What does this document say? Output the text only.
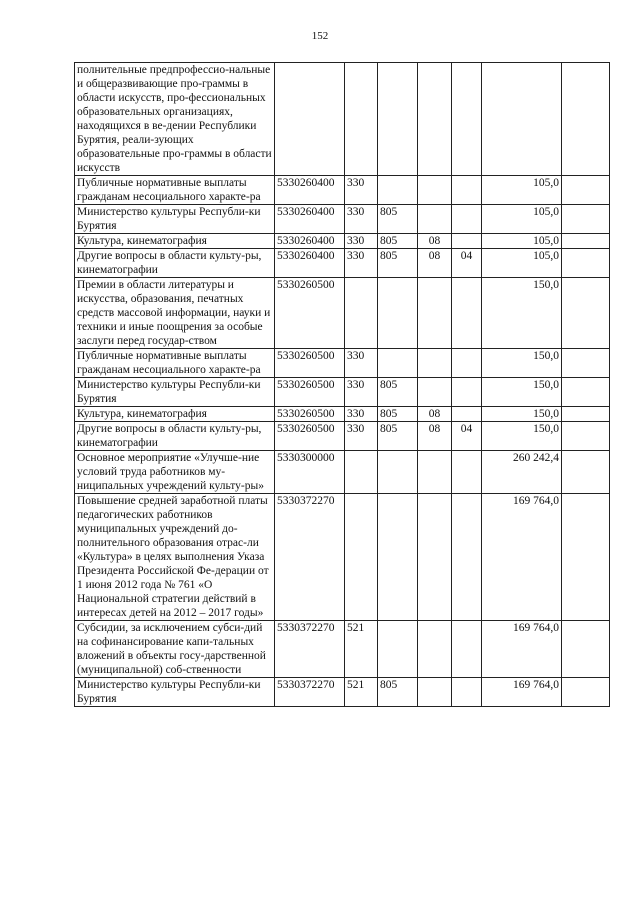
152
полнительные предпрофессио-нальные и общеразвивающие про-граммы в области искусств, про-фессиональных образовательных организациях, находящихся в ве-дении Республики Бурятия, реали-зующих образовательные про-граммы в области искусств							
Публичные нормативные выплаты гражданам несоциального характе-ра	5330260400	330				105,0	
Министерство культуры Республи-ки Бурятия	5330260400	330	805			105,0	
Культура, кинематография	5330260400	330	805	08		105,0	
Другие вопросы в области культу-ры, кинематографии	5330260400	330	805	08	04	105,0	
Премии в области литературы и искусства, образования, печатных средств массовой информации, науки и техники и иные поощрения за особые заслуги перед государ-ством	5330260500					150,0	
Публичные нормативные выплаты гражданам несоциального характе-ра	5330260500	330				150,0	
Министерство культуры Республи-ки Бурятия	5330260500	330	805			150,0	
Культура, кинематография	5330260500	330	805	08		150,0	
Другие вопросы в области культу-ры, кинематографии	5330260500	330	805	08	04	150,0	
Основное мероприятие «Улучше-ние условий труда работников му-ниципальных учреждений культу-ры»	5330300000					260 242,4	
Повышение средней заработной платы педагогических работников муниципальных учреждений до-полнительного образования отрас-ли «Культура» в целях выполнения Указа Президента Российской Фе-дерации от 1 июня 2012 года № 761 «О Национальной стратегии действий в интересах детей на 2012 – 2017 годы»	5330372270					169 764,0	
Субсидии, за исключением субси-дий на софинансирование капи-тальных вложений в объекты госу-дарственной (муниципальной) соб-ственности	5330372270	521				169 764,0	
Министерство культуры Республи-ки Бурятия	5330372270	521	805			169 764,0	
